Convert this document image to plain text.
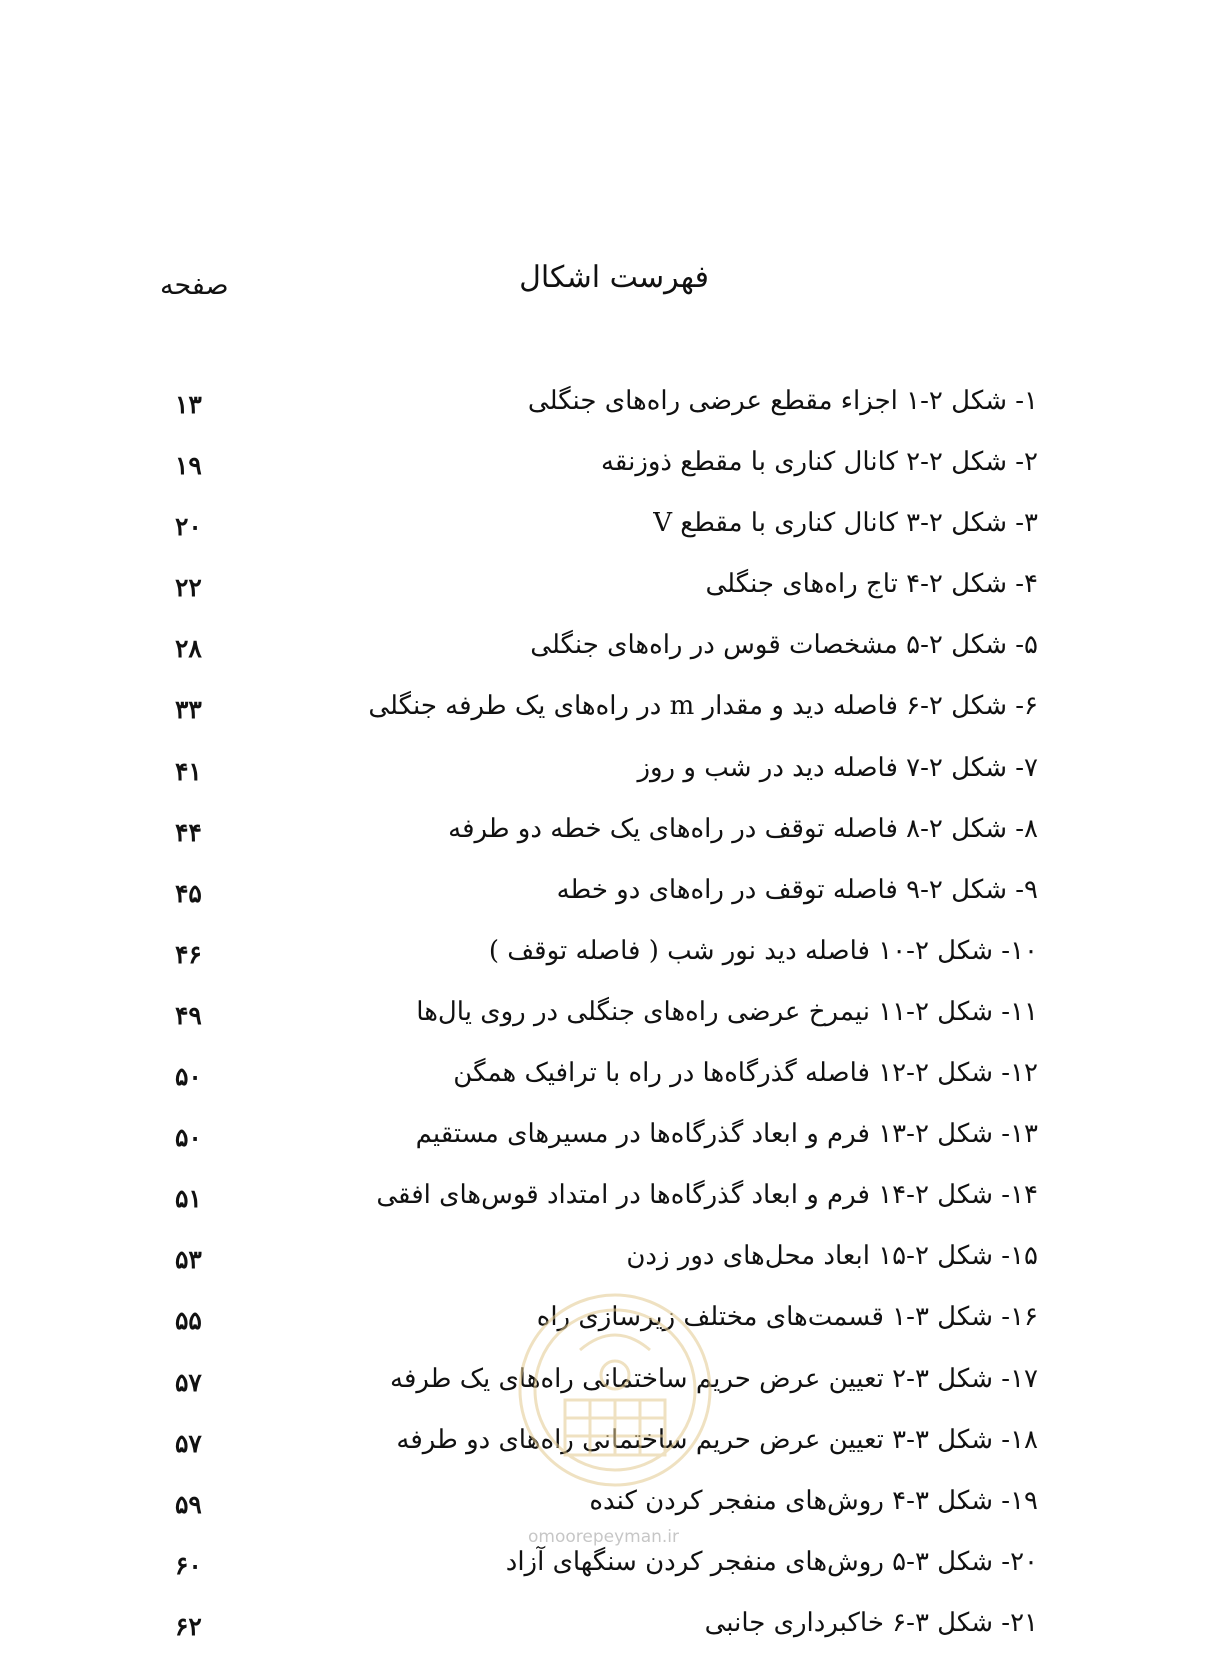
فهرست اشکال
صفحه
۱- شکل ۲-۱ اجزاء مقطع عرضی راه‌های جنگلی
۱۳
۲- شکل ۲-۲ کانال کناری با مقطع ذوزنقه
۱۹
۳- شکل ۲-۳ کانال کناری با مقطع V
۲۰
۴- شکل ۲-۴ تاج راه‌های جنگلی
۲۲
۵- شکل ۲-۵ مشخصات قوس در راه‌های جنگلی
۲۸
۶- شکل ۲-۶ فاصله دید و مقدار m در راه‌های یک طرفه جنگلی
۳۳
۷- شکل ۲-۷ فاصله دید در شب و روز
۴۱
۸- شکل ۲-۸ فاصله توقف در راه‌های یک خطه دو طرفه
۴۴
۹- شکل ۲-۹ فاصله توقف در راه‌های دو خطه
۴۵
۱۰- شکل ۲-۱۰ فاصله دید نور شب ( فاصله توقف )
۴۶
۱۱- شکل ۲-۱۱ نیمرخ عرضی راه‌های جنگلی در روی یال‌ها
۴۹
۱۲- شکل ۲-۱۲ فاصله گذرگاه‌ها در راه با ترافیک همگن
۵۰
۱۳- شکل ۲-۱۳ فرم و ابعاد گذرگاه‌ها در مسیرهای مستقیم
۵۰
۱۴- شکل ۲-۱۴ فرم و ابعاد گذرگاه‌ها در امتداد قوس‌های افقی
۵۱
۱۵- شکل ۲-۱۵ ابعاد محل‌های دور زدن
۵۳
۱۶- شکل ۳-۱ قسمت‌های مختلف زیرسازی راه
۵۵
۱۷- شکل ۳-۲ تعیین عرض حریم ساختمانی راه‌های یک طرفه
۵۷
۱۸- شکل ۳-۳ تعیین عرض حریم ساختمانی راه‌های دو طرفه
۵۷
۱۹- شکل ۳-۴ روش‌های منفجر کردن کنده
۵۹
۲۰- شکل ۳-۵ روش‌های منفجر کردن سنگهای آزاد
۶۰
۲۱- شکل ۳-۶ خاکبرداری جانبی
۶۲
omoorepeyman.ir
